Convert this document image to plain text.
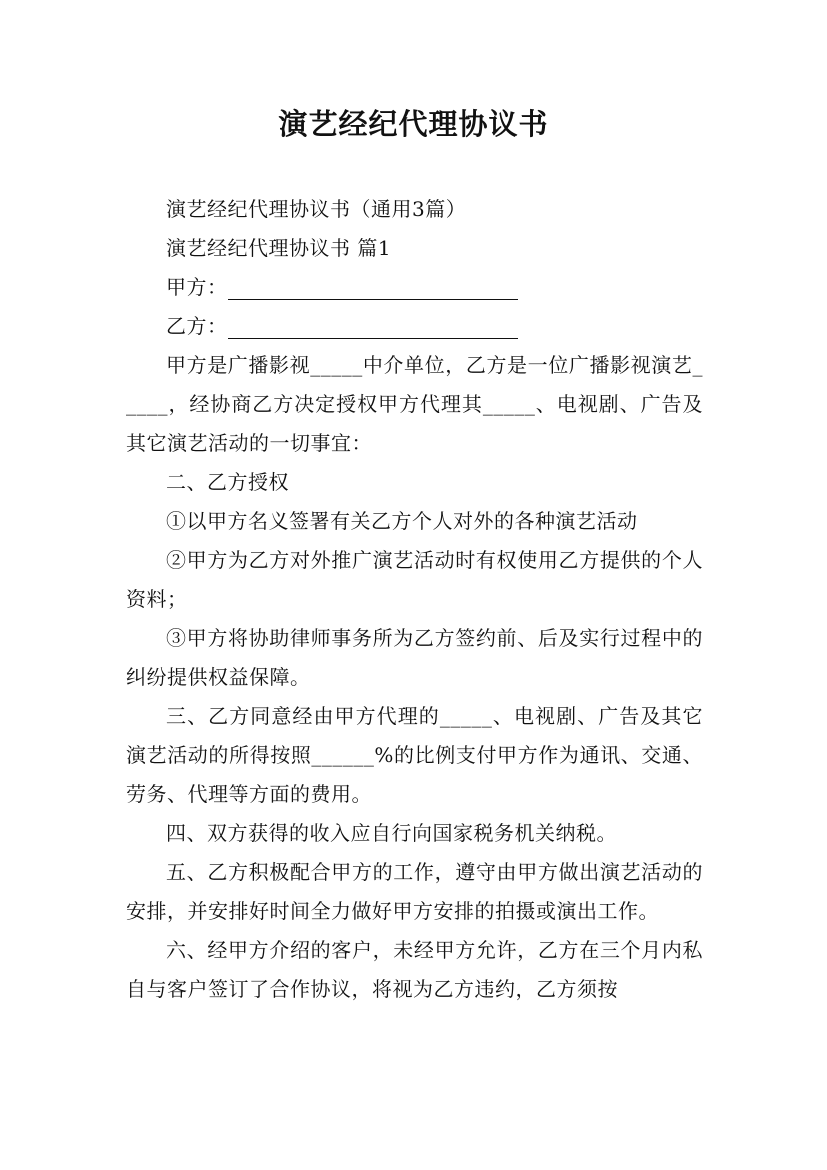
演艺经纪代理协议书

演艺经纪代理协议书（通用3篇）

演艺经纪代理协议书 篇1

甲方：

乙方：

甲方是广播影视_____中介单位，乙方是一位广播影视演艺_____，经协商乙方决定授权甲方代理其_____、电视剧、广告及其它演艺活动的一切事宜：

二、乙方授权

①以甲方名义签署有关乙方个人对外的各种演艺活动

②甲方为乙方对外推广演艺活动时有权使用乙方提供的个人资料；

③甲方将协助律师事务所为乙方签约前、后及实行过程中的纠纷提供权益保障。

三、乙方同意经由甲方代理的_____、电视剧、广告及其它演艺活动的所得按照______%的比例支付甲方作为通讯、交通、劳务、代理等方面的费用。

四、双方获得的收入应自行向国家税务机关纳税。

五、乙方积极配合甲方的工作，遵守由甲方做出演艺活动的安排，并安排好时间全力做好甲方安排的拍摄或演出工作。

六、经甲方介绍的客户，未经甲方允许，乙方在三个月内私自与客户签订了合作协议，将视为乙方违约，乙方须按
